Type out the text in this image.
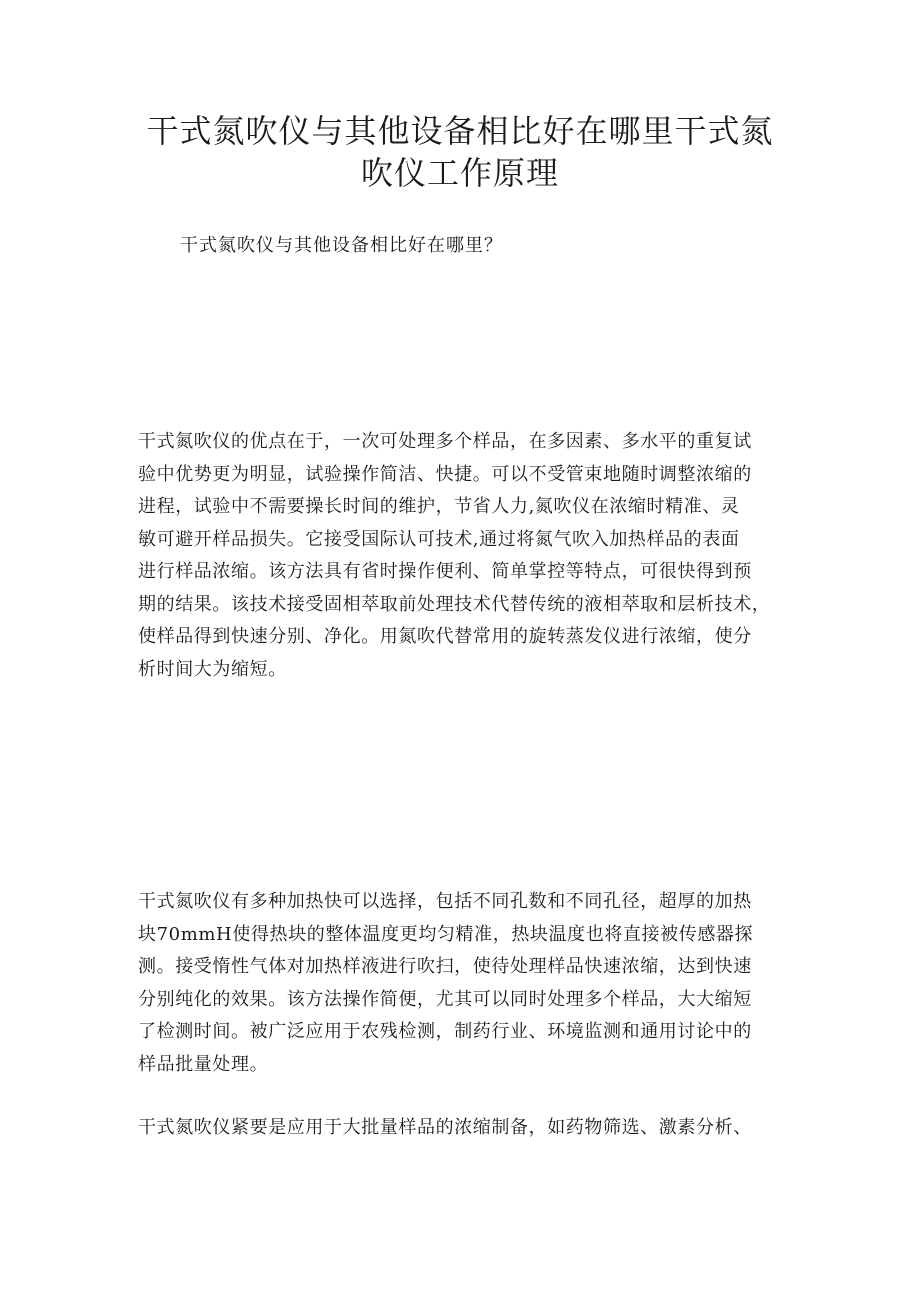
干式氮吹仪与其他设备相比好在哪里干式氮
吹仪工作原理

干式氮吹仪与其他设备相比好在哪里？

干式氮吹仪的优点在于，一次可处理多个样品，在多因素、多水平的重复试
验中优势更为明显，试验操作简洁、快捷。可以不受管束地随时调整浓缩的
进程，试验中不需要操长时间的维护，节省人力,氮吹仪在浓缩时精准、灵
敏可避开样品损失。它接受国际认可技术,通过将氮气吹入加热样品的表面
进行样品浓缩。该方法具有省时操作便利、简单掌控等特点，可很快得到预
期的结果。该技术接受固相萃取前处理技术代替传统的液相萃取和层析技术，
使样品得到快速分别、净化。用氮吹代替常用的旋转蒸发仪进行浓缩，使分
析时间大为缩短。

干式氮吹仪有多种加热快可以选择，包括不同孔数和不同孔径，超厚的加热
块70mmH使得热块的整体温度更均匀精准，热块温度也将直接被传感器探
测。接受惰性气体对加热样液进行吹扫，使待处理样品快速浓缩，达到快速
分别纯化的效果。该方法操作简便，尤其可以同时处理多个样品，大大缩短
了检测时间。被广泛应用于农残检测，制药行业、环境监测和通用讨论中的
样品批量处理。

干式氮吹仪紧要是应用于大批量样品的浓缩制备，如药物筛选、激素分析、
